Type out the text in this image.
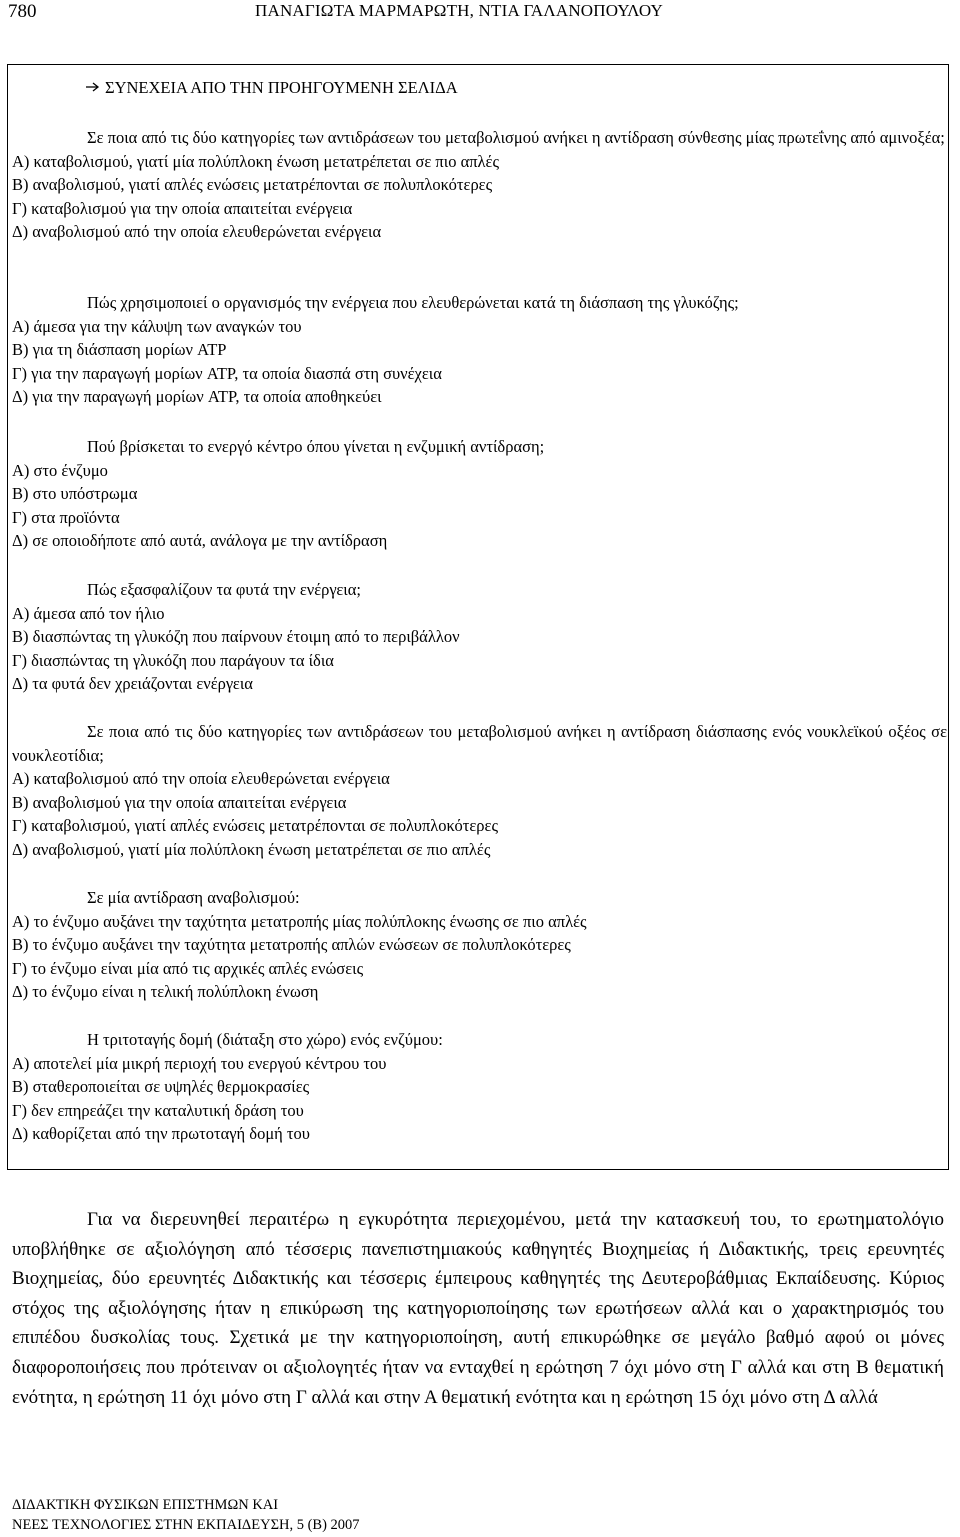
780	ΠΑΝΑΓΙΩΤΑ ΜΑΡΜΑΡΩΤΗ, ΝΤΙΑ ΓΑΛΑΝΟΠΟΥΛΟΥ
ΣΥΝΕΧΕΙΑ ΑΠΟ ΤΗΝ ΠΡΟΗΓΟΥΜΕΝΗ ΣΕΛΙΔΑ
Σε ποια από τις δύο κατηγορίες των αντιδράσεων του μεταβολισμού ανήκει η αντίδραση σύνθεσης μίας πρωτεΐνης από αμινοξέα;
Α) καταβολισμού, γιατί μία πολύπλοκη ένωση μετατρέπεται σε πιο απλές
Β) αναβολισμού, γιατί απλές ενώσεις μετατρέπονται σε πολυπλοκότερες
Γ) καταβολισμού για την οποία απαιτείται ενέργεια
Δ) αναβολισμού από την οποία ελευθερώνεται ενέργεια
Πώς χρησιμοποιεί ο οργανισμός την ενέργεια που ελευθερώνεται κατά τη διάσπαση της γλυκόζης;
Α) άμεσα για την κάλυψη των αναγκών του
Β) για τη διάσπαση μορίων ATP
Γ) για την παραγωγή μορίων ATP, τα οποία διασπά στη συνέχεια
Δ) για την παραγωγή μορίων ATP, τα οποία αποθηκεύει
Πού βρίσκεται το ενεργό κέντρο όπου γίνεται η ενζυμική αντίδραση;
Α) στο ένζυμο
Β) στο υπόστρωμα
Γ) στα προϊόντα
Δ) σε οποιοδήποτε από αυτά, ανάλογα με την αντίδραση
Πώς εξασφαλίζουν τα φυτά την ενέργεια;
Α) άμεσα από τον ήλιο
Β) διασπώντας τη γλυκόζη που παίρνουν έτοιμη από το περιβάλλον
Γ) διασπώντας τη γλυκόζη που παράγουν τα ίδια
Δ) τα φυτά δεν χρειάζονται ενέργεια
Σε ποια από τις δύο κατηγορίες των αντιδράσεων του μεταβολισμού ανήκει η αντίδραση διάσπασης ενός νουκλεϊκού οξέος σε νουκλεοτίδια;
Α) καταβολισμού από την οποία ελευθερώνεται ενέργεια
Β) αναβολισμού για την οποία απαιτείται ενέργεια
Γ) καταβολισμού, γιατί απλές ενώσεις μετατρέπονται σε πολυπλοκότερες
Δ) αναβολισμού, γιατί μία πολύπλοκη ένωση μετατρέπεται σε πιο απλές
Σε μία αντίδραση αναβολισμού:
Α) το ένζυμο αυξάνει την ταχύτητα μετατροπής μίας πολύπλοκης ένωσης σε πιο απλές
Β) το ένζυμο αυξάνει την ταχύτητα μετατροπής απλών ενώσεων σε πολυπλοκότερες
Γ) το ένζυμο είναι μία από τις αρχικές απλές ενώσεις
Δ) το ένζυμο είναι η τελική πολύπλοκη ένωση
Η τριτοταγής δομή (διάταξη στο χώρο) ενός ενζύμου:
Α) αποτελεί μία μικρή περιοχή του ενεργού κέντρου του
Β) σταθεροποιείται σε υψηλές θερμοκρασίες
Γ) δεν επηρεάζει την καταλυτική δράση του
Δ) καθορίζεται από την πρωτοταγή δομή του
Για να διερευνηθεί περαιτέρω η εγκυρότητα περιεχομένου, μετά την κατασκευή του, το ερωτηματολόγιο υποβλήθηκε σε αξιολόγηση από τέσσερις πανεπιστημιακούς καθηγητές Βιοχημείας ή Διδακτικής, τρεις ερευνητές Βιοχημείας, δύο ερευνητές Διδακτικής και τέσσερις έμπειρους καθηγητές της Δευτεροβάθμιας Εκπαίδευσης. Κύριος στόχος της αξιολόγησης ήταν η επικύρωση της κατηγοριοποίησης των ερωτήσεων αλλά και ο χαρακτηρισμός του επιπέδου δυσκολίας τους. Σχετικά με την κατηγοριοποίηση, αυτή επικυρώθηκε σε μεγάλο βαθμό αφού οι μόνες διαφοροποιήσεις που πρότειναν οι αξιολογητές ήταν να ενταχθεί η ερώτηση 7 όχι μόνο στη Γ αλλά και στη Β θεματική ενότητα, η ερώτηση 11 όχι μόνο στη Γ αλλά και στην Α θεματική ενότητα και η ερώτηση 15 όχι μόνο στη Δ αλλά
ΔΙΔΑΚΤΙΚΗ ΦΥΣΙΚΩΝ ΕΠΙΣΤΗΜΩΝ ΚΑΙ
ΝΕΕΣ ΤΕΧΝΟΛΟΓΙΕΣ ΣΤΗΝ ΕΚΠΑΙΔΕΥΣΗ, 5 (Β) 2007
